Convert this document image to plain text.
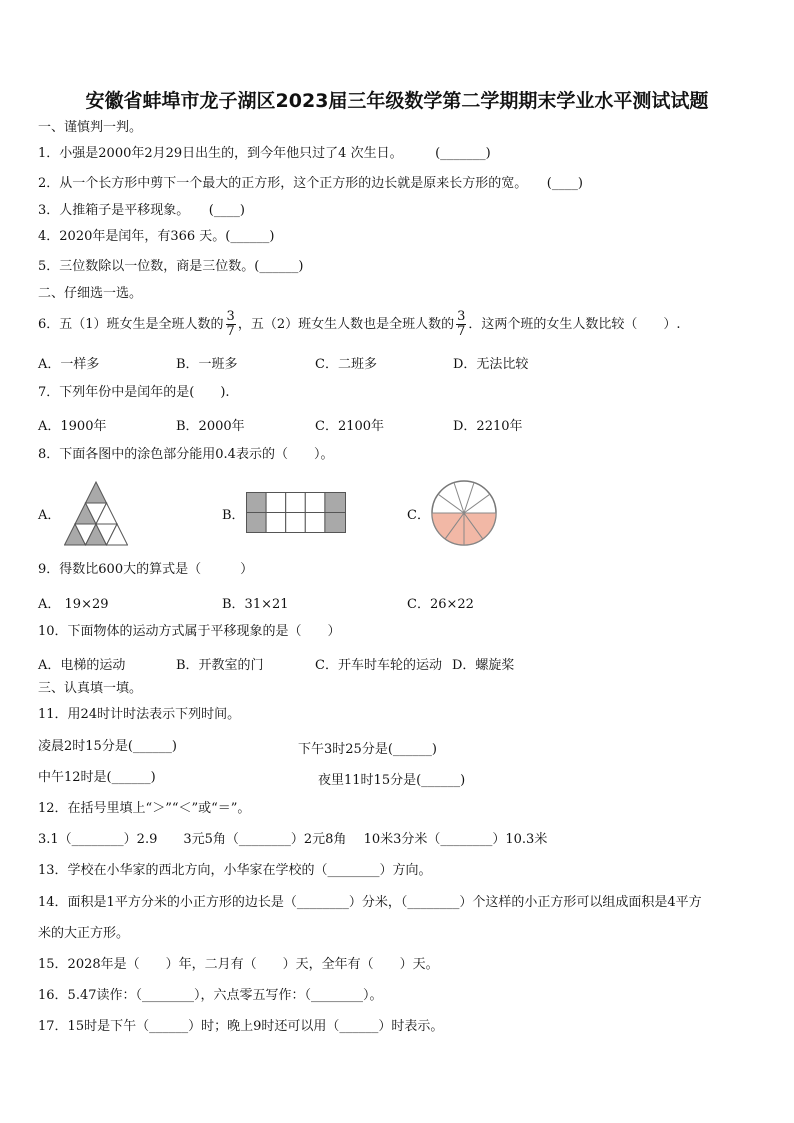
安徽省蚌埠市龙子湖区2023届三年级数学第二学期期末学业水平测试试题
一、谨慎判一判。
1．小强是2000年2月29日出生的，到今年他只过了4 次生日。　　　(_______)
2．从一个长方形中剪下一个最大的正方形，这个正方形的边长就是原来长方形的宽。　　(____)
3．人推箱子是平移现象。　　(____)
4．2020年是闰年，有366 天。(______)
5．三位数除以一位数，商是三位数。(______)
二、仔细选一选。
6．五（1）班女生是全班人数的 $\frac{3}{7}$ ，五（2）班女生人数也是全班人数的 $\frac{3}{7}$ ．这两个班的女生人数比较（　　）.
A．一样多	B．一班多	C．二班多	D．无法比较
7．下列年份中是闰年的是(　　).
A．1900年	B．2000年	C．2100年	D．2210年
8．下面各图中的涂色部分能用0.4表示的（　　）。
A．	B．	C．
9．得数比600大的算式是（　　　）
A． 19×29	B．31×21	C．26×22
10．下面物体的运动方式属于平移现象的是（　　）
A．电梯的运动	B．开教室的门	C．开车时车轮的运动 D．螺旋桨
三、认真填一填。
11．用24时计时法表示下列时间。
凌晨2时15分是(______)	下午3时25分是(______)
中午12时是(______)	夜里11时15分是(______)
12．在括号里填上“＞”“＜”或“＝”。
3.1（________）2.9　　3元5角（________）2元8角　 10米3分米（________）10.3米
13．学校在小华家的西北方向，小华家在学校的（________）方向。
14．面积是1平方分米的小正方形的边长是（________）分米，（________）个这样的小正方形可以组成面积是4平方
米的大正方形。
15．2028年是（　　）年，二月有（　　）天，全年有（　　）天。
16．5.47读作：（________），六点零五写作：（________）。
17．15时是下午（______）时；晚上9时还可以用（______）时表示。
